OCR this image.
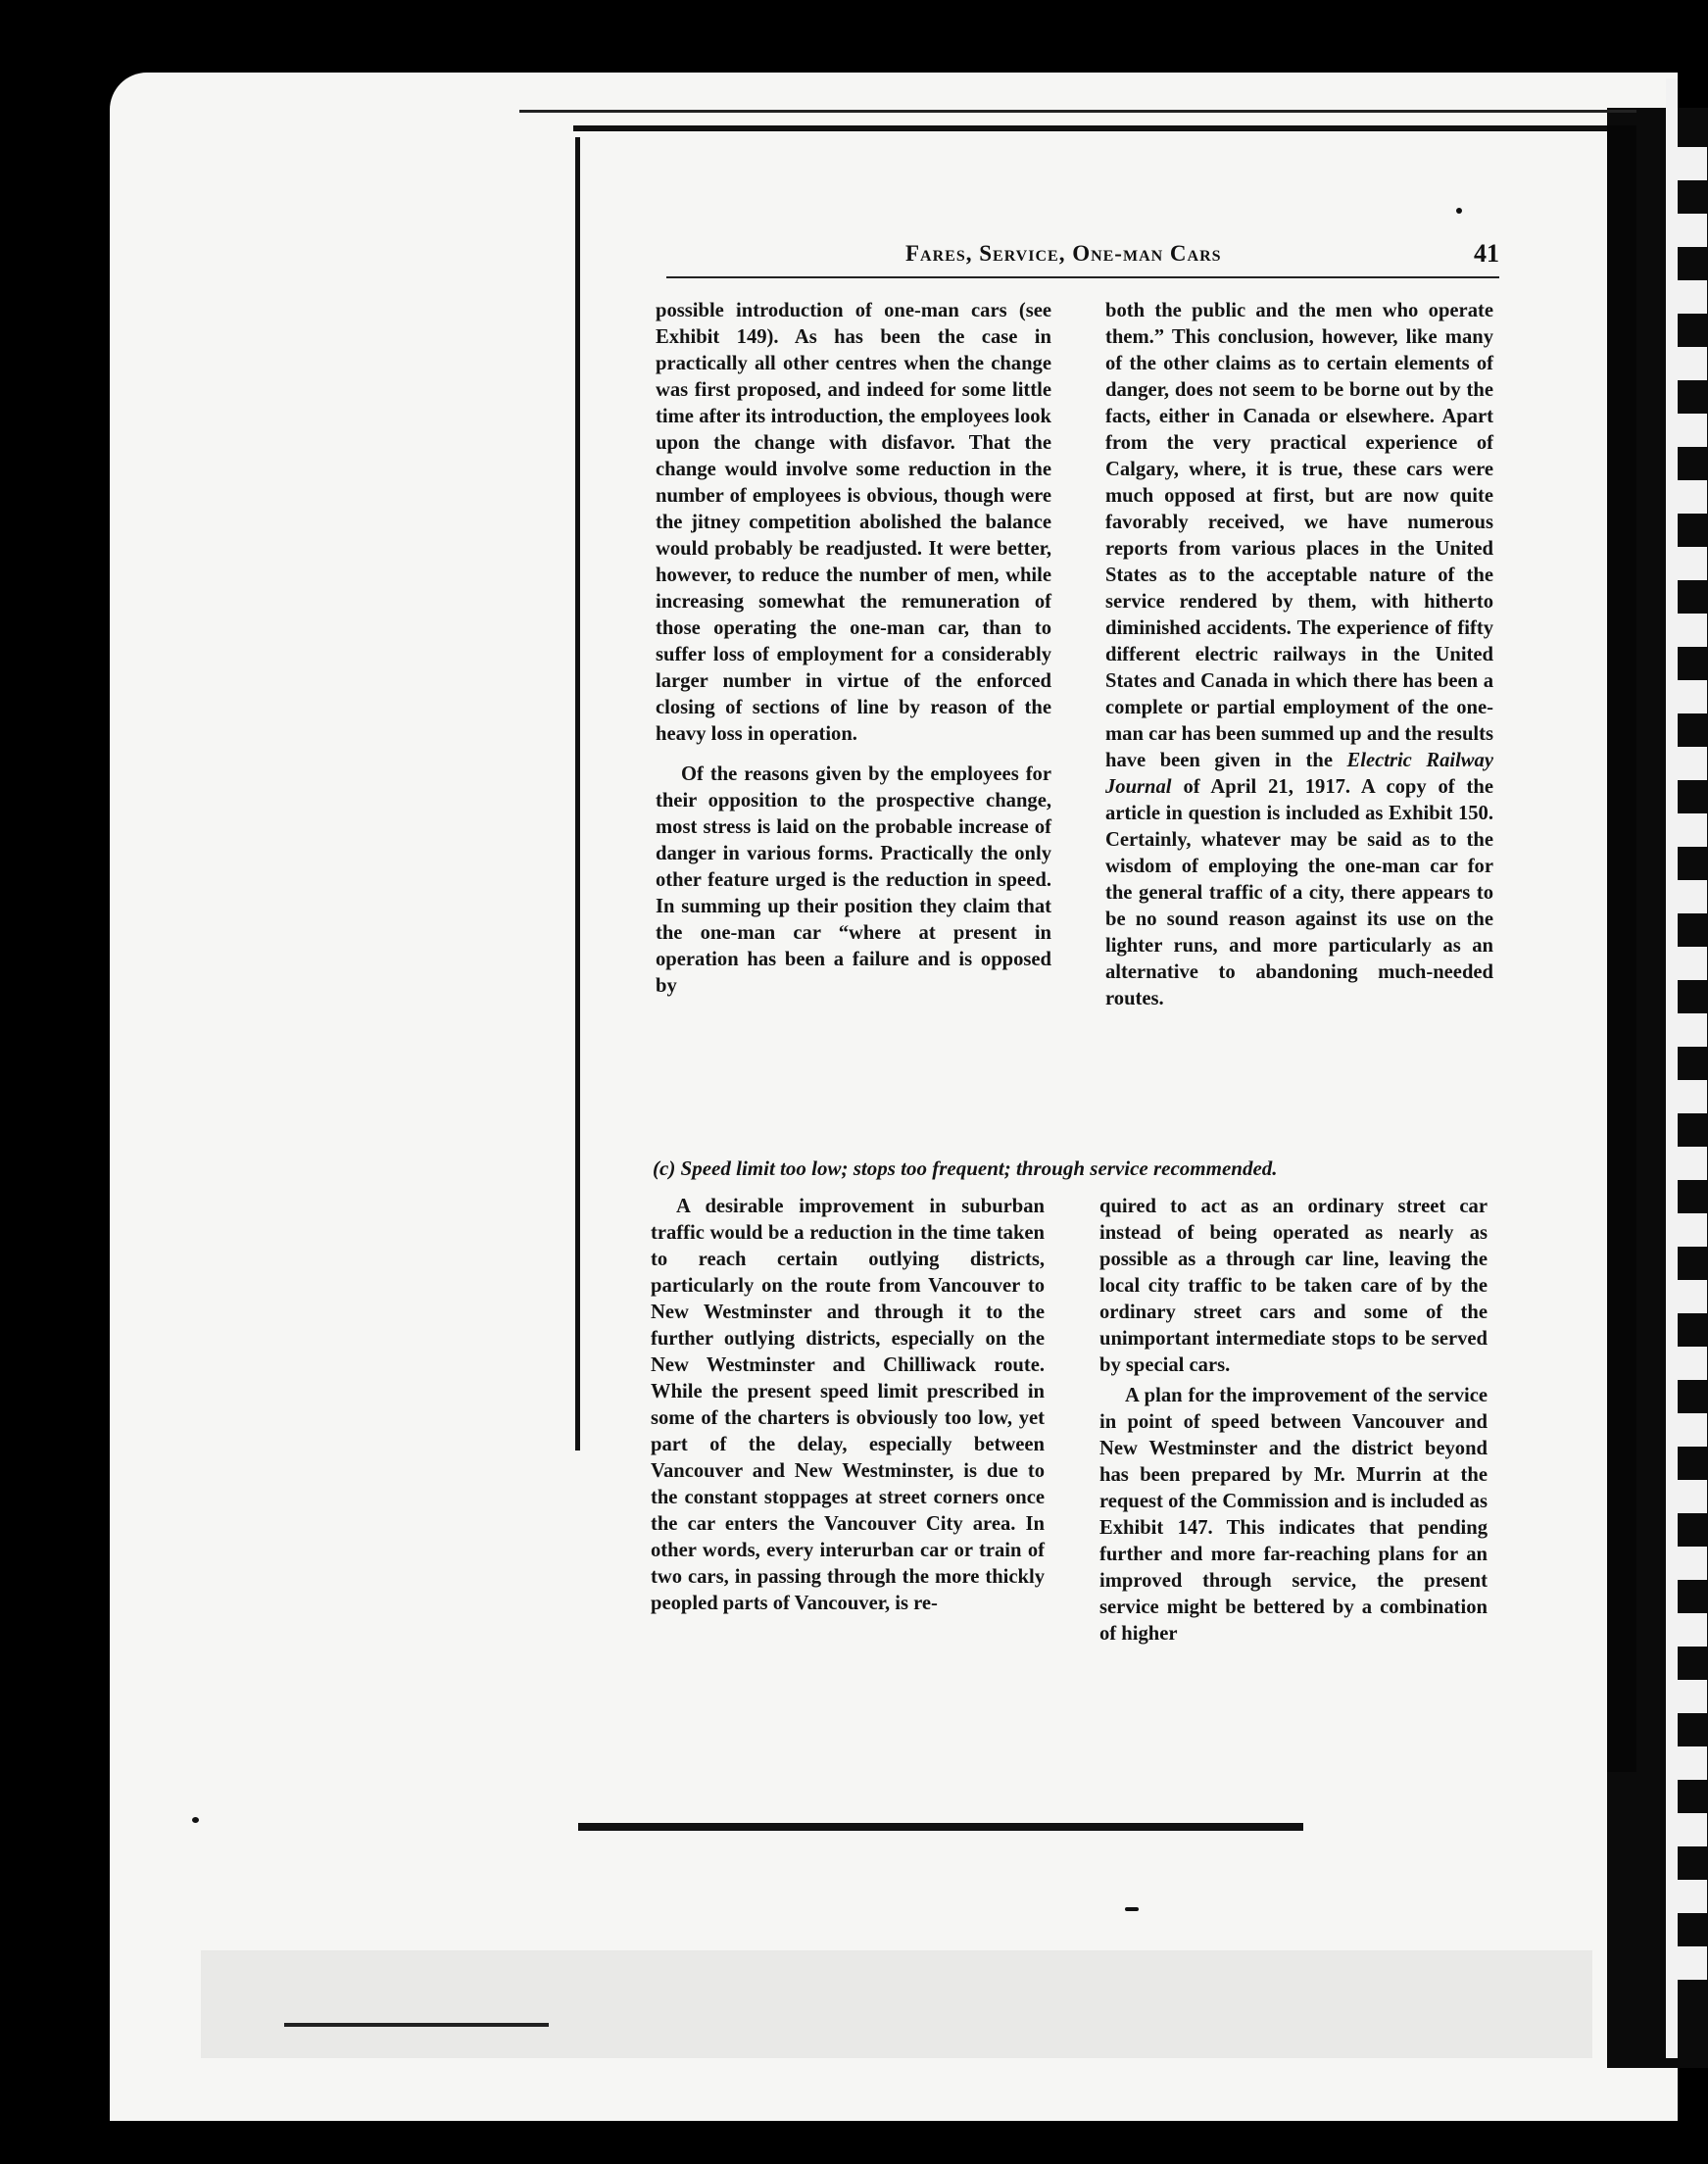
Fares, Service, One-man Cars	41

possible introduction of one-man cars (see Exhibit 149). As has been the case in practically all other centres when the change was first proposed, and indeed for some little time after its introduction, the employees look upon the change with disfavor. That the change would involve some reduction in the number of employees is obvious, though were the jitney competition abolished the balance would probably be readjusted. It were better, however, to reduce the number of men, while increasing somewhat the remuneration of those operating the one-man car, than to suffer loss of employment for a considerably larger number in virtue of the enforced closing of sections of line by reason of the heavy loss in operation.

Of the reasons given by the employees for their opposition to the prospective change, most stress is laid on the probable increase of danger in various forms. Practically the only other feature urged is the reduction in speed. In summing up their position they claim that the one-man car “where at present in operation has been a failure and is opposed by

both the public and the men who operate them.” This conclusion, however, like many of the other claims as to certain elements of danger, does not seem to be borne out by the facts, either in Canada or elsewhere. Apart from the very practical experience of Calgary, where, it is true, these cars were much opposed at first, but are now quite favorably received, we have numerous reports from various places in the United States as to the acceptable nature of the service rendered by them, with hitherto diminished accidents. The experience of fifty different electric railways in the United States and Canada in which there has been a complete or partial employment of the one-man car has been summed up and the results have been given in the Electric Railway Journal of April 21, 1917. A copy of the article in question is included as Exhibit 150. Certainly, whatever may be said as to the wisdom of employing the one-man car for the general traffic of a city, there appears to be no sound reason against its use on the lighter runs, and more particularly as an alternative to abandoning much-needed routes.

(c) Speed limit too low; stops too frequent; through service recommended.

A desirable improvement in suburban traffic would be a reduction in the time taken to reach certain outlying districts, particularly on the route from Vancouver to New Westminster and through it to the further outlying districts, especially on the New Westminster and Chilliwack route. While the present speed limit prescribed in some of the charters is obviously too low, yet part of the delay, especially between Vancouver and New Westminster, is due to the constant stoppages at street corners once the car enters the Vancouver City area. In other words, every interurban car or train of two cars, in passing through the more thickly peopled parts of Vancouver, is re-

quired to act as an ordinary street car instead of being operated as nearly as possible as a through car line, leaving the local city traffic to be taken care of by the ordinary street cars and some of the unimportant intermediate stops to be served by special cars.

A plan for the improvement of the service in point of speed between Vancouver and New Westminster and the district beyond has been prepared by Mr. Murrin at the request of the Commission and is included as Exhibit 147. This indicates that pending further and more far-reaching plans for an improved through service, the present service might be bettered by a combination of higher
